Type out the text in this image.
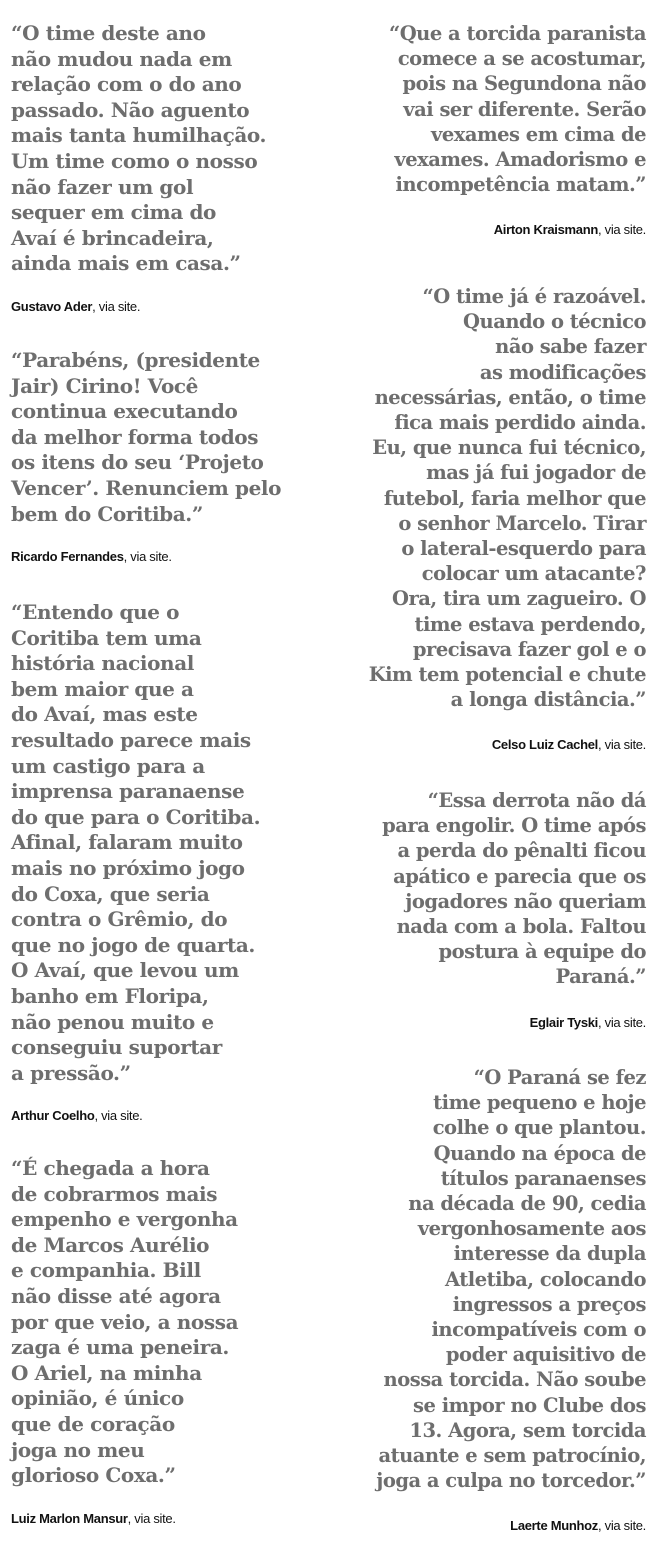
“O time deste ano
não mudou nada em
relação com o do ano
passado. Não aguento
mais tanta humilhação.
Um time como o nosso
não fazer um gol
sequer em cima do
Avaí é brincadeira,
ainda mais em casa.”

Gustavo Ader, via site.

“Parabéns, (presidente
Jair) Cirino! Você
continua executando
da melhor forma todos
os itens do seu ‘Projeto
Vencer’. Renunciem pelo
bem do Coritiba.”

Ricardo Fernandes, via site.

“Entendo que o
Coritiba tem uma
história nacional
bem maior que a
do Avaí, mas este
resultado parece mais
um castigo para a
imprensa paranaense
do que para o Coritiba.
Afinal, falaram muito
mais no próximo jogo
do Coxa, que seria
contra o Grêmio, do
que no jogo de quarta.
O Avaí, que levou um
banho em Floripa,
não penou muito e
conseguiu suportar
a pressão.”

Arthur Coelho, via site.

“É chegada a hora
de cobrarmos mais
empenho e vergonha
de Marcos Aurélio
e companhia. Bill
não disse até agora
por que veio, a nossa
zaga é uma peneira.
O Ariel, na minha
opinião, é único
que de coração
joga no meu
glorioso Coxa.”

Luiz Marlon Mansur, via site.

“Que a torcida paranista
comece a se acostumar,
pois na Segundona não
vai ser diferente. Serão
vexames em cima de
vexames. Amadorismo e
incompetência matam.”

Airton Kraismann, via site.

“O time já é razoável.
Quando o técnico
não sabe fazer
as modificações
necessárias, então, o time
fica mais perdido ainda.
Eu, que nunca fui técnico,
mas já fui jogador de
futebol, faria melhor que
o senhor Marcelo. Tirar
o lateral-esquerdo para
colocar um atacante?
Ora, tira um zagueiro. O
time estava perdendo,
precisava fazer gol e o
Kim tem potencial e chute
a longa distância.”

Celso Luiz Cachel, via site.

“Essa derrota não dá
para engolir. O time após
a perda do pênalti ficou
apático e parecia que os
jogadores não queriam
nada com a bola. Faltou
postura à equipe do
Paraná.”

Eglair Tyski, via site.

“O Paraná se fez
time pequeno e hoje
colhe o que plantou.
Quando na época de
títulos paranaenses
na década de 90, cedia
vergonhosamente aos
interesse da dupla
Atletiba, colocando
ingressos a preços
incompatíveis com o
poder aquisitivo de
nossa torcida. Não soube
se impor no Clube dos
13. Agora, sem torcida
atuante e sem patrocínio,
joga a culpa no torcedor.”

Laerte Munhoz, via site.
